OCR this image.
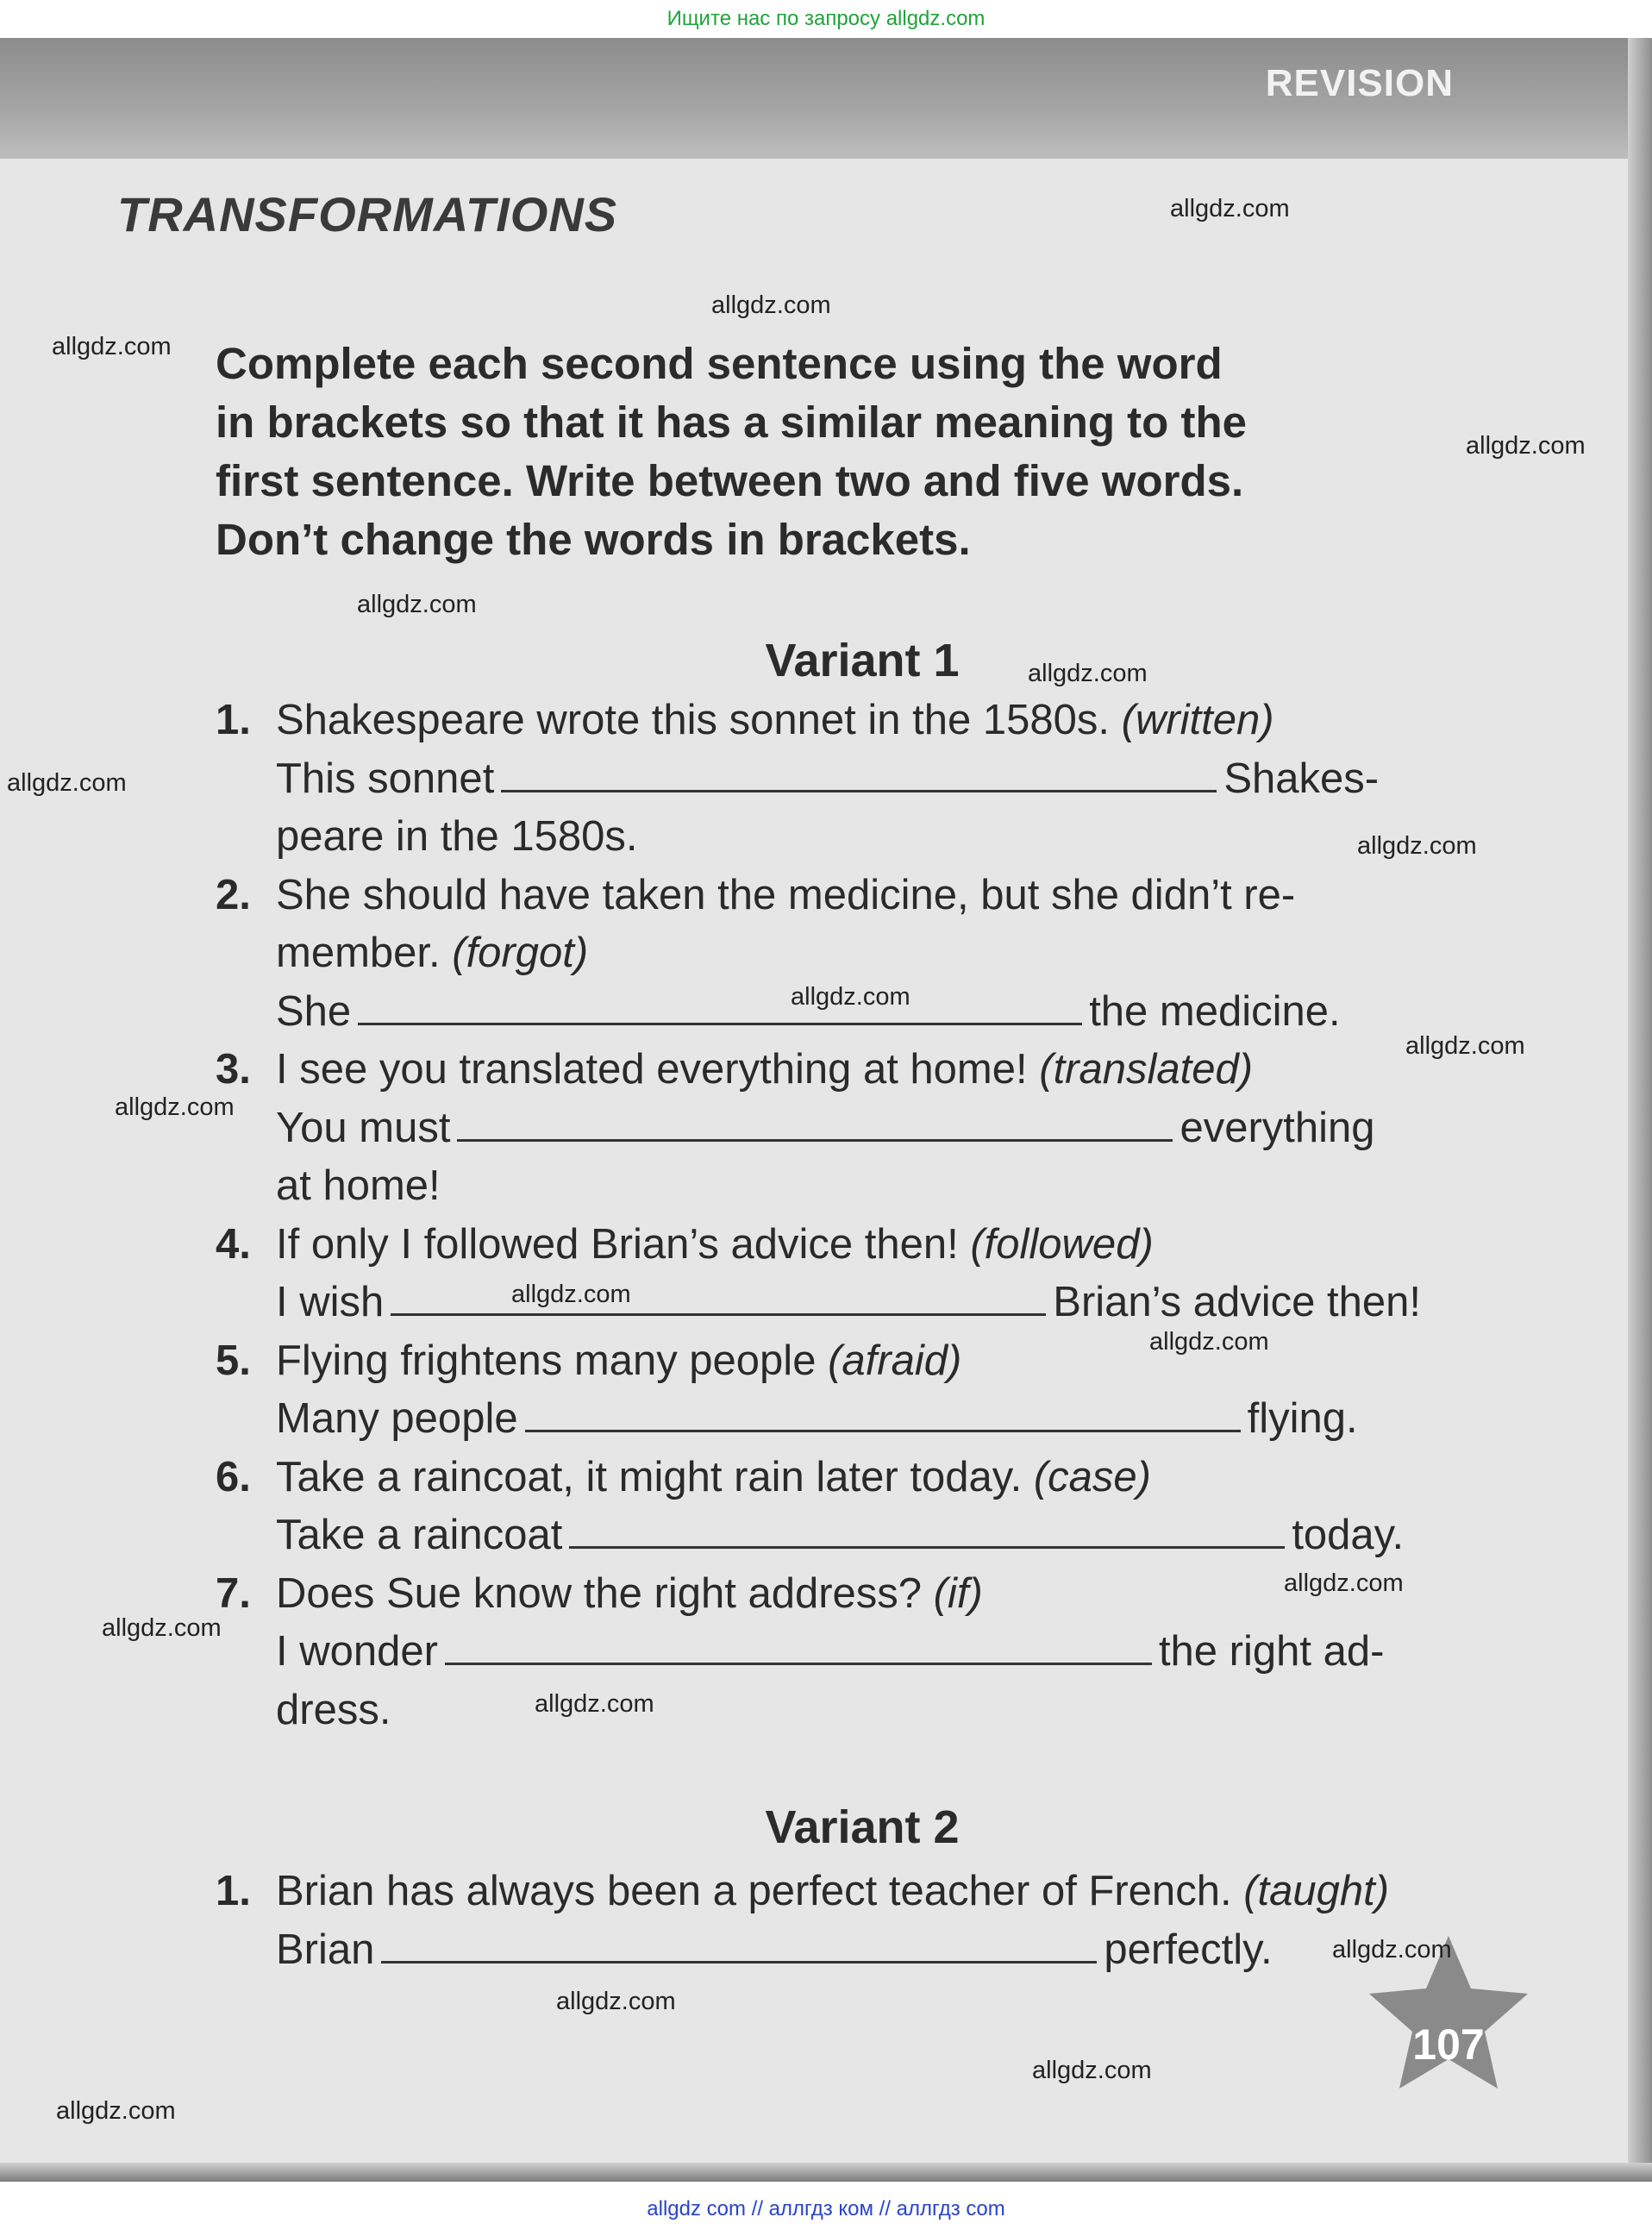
Ищите нас по запросу allgdz.com
REVISION
TRANSFORMATIONS
Complete each second sentence using the word
in brackets so that it has a similar meaning to the
first sentence. Write between two and five words.
Don’t change the words in brackets.
Variant 1
1. Shakespeare wrote this sonnet in the 1580s. (written)
This sonnet	Shakes-
peare in the 1580s.
2. She should have taken the medicine, but she didn’t re-
member. (forgot)
She	the medicine.
3. I see you translated everything at home! (translated)
You must	everything
at home!
4. If only I followed Brian’s advice then! (followed)
I wish	Brian’s advice then!
5. Flying frightens many people (afraid)
Many people	flying.
6. Take a raincoat, it might rain later today. (case)
Take a raincoat	today.
7. Does Sue know the right address? (if)
I wonder	the right ad-
dress.
Variant 2
1. Brian has always been a perfect teacher of French. (taught)
Brian	perfectly.
107
allgdz.com
allgdz.com
allgdz.com
allgdz.com
allgdz.com
allgdz.com
allgdz.com
allgdz.com
allgdz.com
allgdz.com
allgdz.com
allgdz.com
allgdz.com
allgdz.com
allgdz.com
allgdz.com
allgdz.com
allgdz.com
allgdz.com
allgdz.com
allgdz com // аллгдз ком // аллгдз com
